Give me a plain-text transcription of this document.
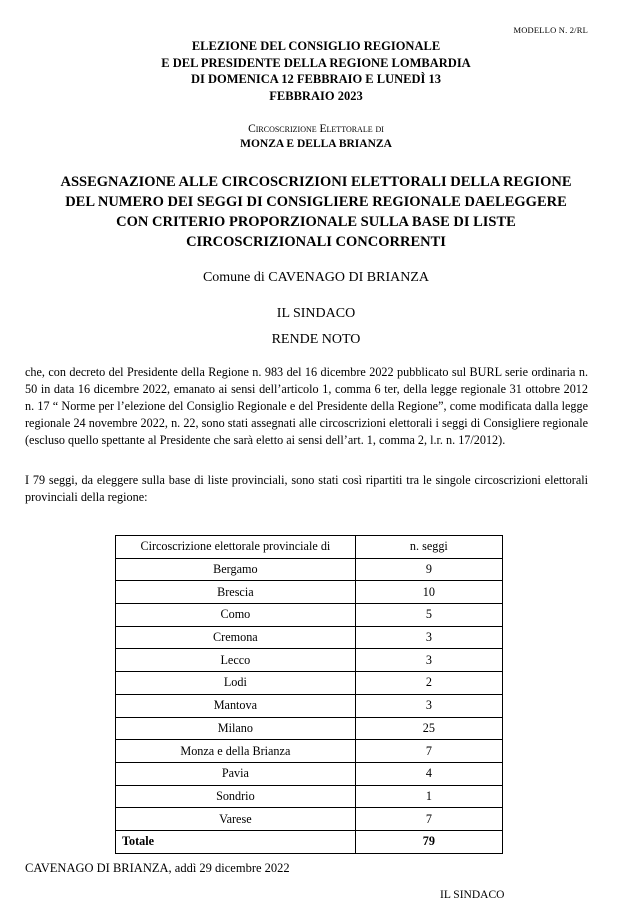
MODELLO N. 2/RL
ELEZIONE DEL CONSIGLIO REGIONALE
E DEL PRESIDENTE DELLA REGIONE LOMBARDIA
DI DOMENICA 12 FEBBRAIO E LUNEDÌ 13
FEBBRAIO 2023
Circoscrizione Elettorale di
MONZA E DELLA BRIANZA
ASSEGNAZIONE ALLE CIRCOSCRIZIONI ELETTORALI DELLA REGIONE
DEL NUMERO DEI SEGGI DI CONSIGLIERE REGIONALE DAELEGGERE
CON CRITERIO PROPORZIONALE SULLA BASE DI LISTE
CIRCOSCRIZIONALI CONCORRENTI
Comune di CAVENAGO DI BRIANZA
IL SINDACO
RENDE NOTO
che, con decreto del Presidente della Regione n. 983 del 16 dicembre 2022 pubblicato sul BURL serie ordinaria n. 50 in data 16 dicembre 2022, emanato ai sensi dell’articolo 1, comma 6 ter, della legge regionale 31 ottobre 2012 n. 17 “ Norme per l’elezione del Consiglio Regionale e del Presidente della Regione”, come modificata dalla legge regionale 24 novembre 2022, n. 22, sono stati assegnati alle circoscrizioni elettorali i seggi di Consigliere regionale (escluso quello spettante al Presidente che sarà eletto ai sensi dell’art. 1, comma 2, l.r. n. 17/2012).
I 79 seggi, da eleggere sulla base di liste provinciali, sono stati così ripartiti tra le singole circoscrizioni elettorali provinciali della regione:
Circoscrizione elettorale provinciale di	n. seggi
Bergamo	9
Brescia	10
Como	5
Cremona	3
Lecco	3
Lodi	2
Mantova	3
Milano	25
Monza e della Brianza	7
Pavia	4
Sondrio	1
Varese	7
Totale	79
CAVENAGO DI BRIANZA, addì 29 dicembre 2022
IL SINDACO
